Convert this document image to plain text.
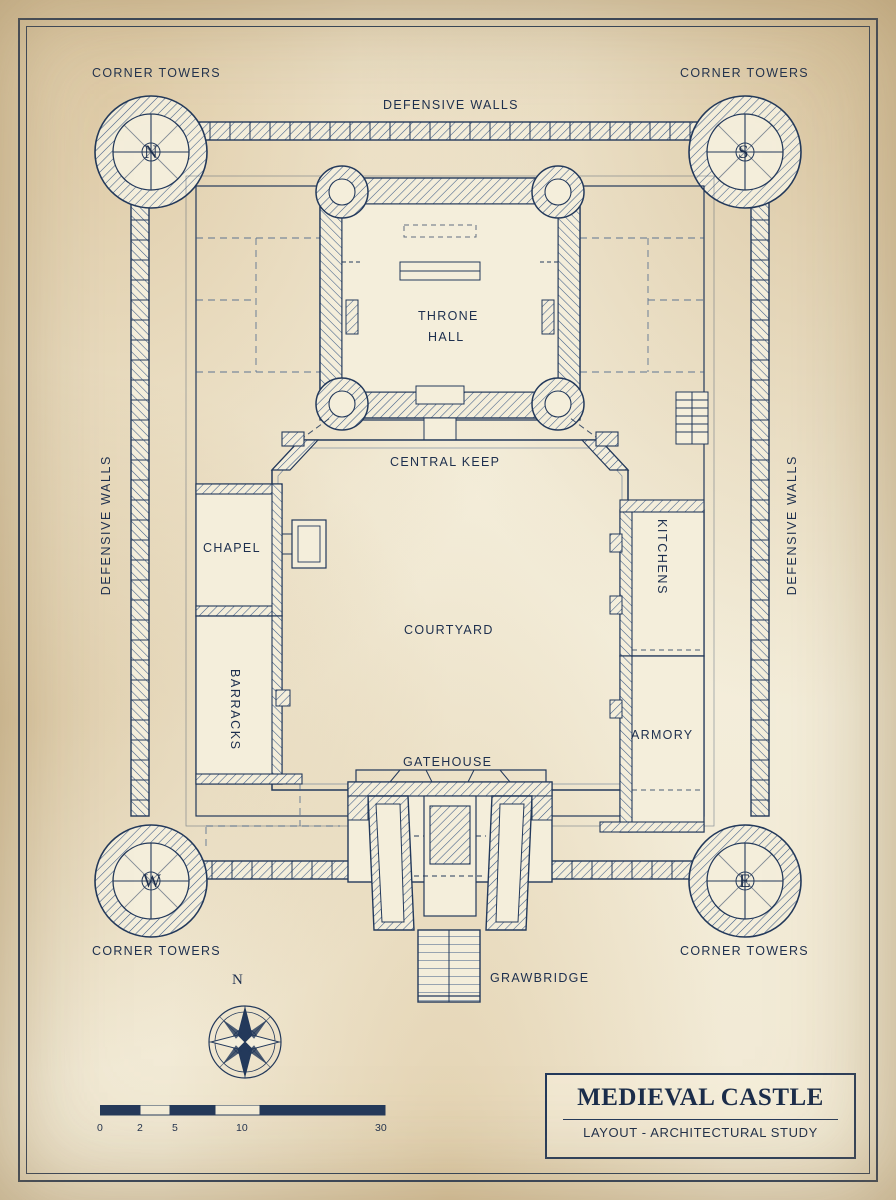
CORNER TOWERS	CORNER TOWERS
CORNER TOWERS	CORNER TOWERS
DEFENSIVE WALLS
DEFENSIVE WALLS	DEFENSIVE WALLS
THRONE
HALL
CENTRAL KEEP
CHAPEL	KITCHENS
COURTYARD
BARRACKS	ARMORY
GATEHOUSE
GRAWBRIDGE
N	S
W	E
N
0	2	5	10	30
MEDIEVAL CASTLE
LAYOUT - ARCHITECTURAL STUDY
